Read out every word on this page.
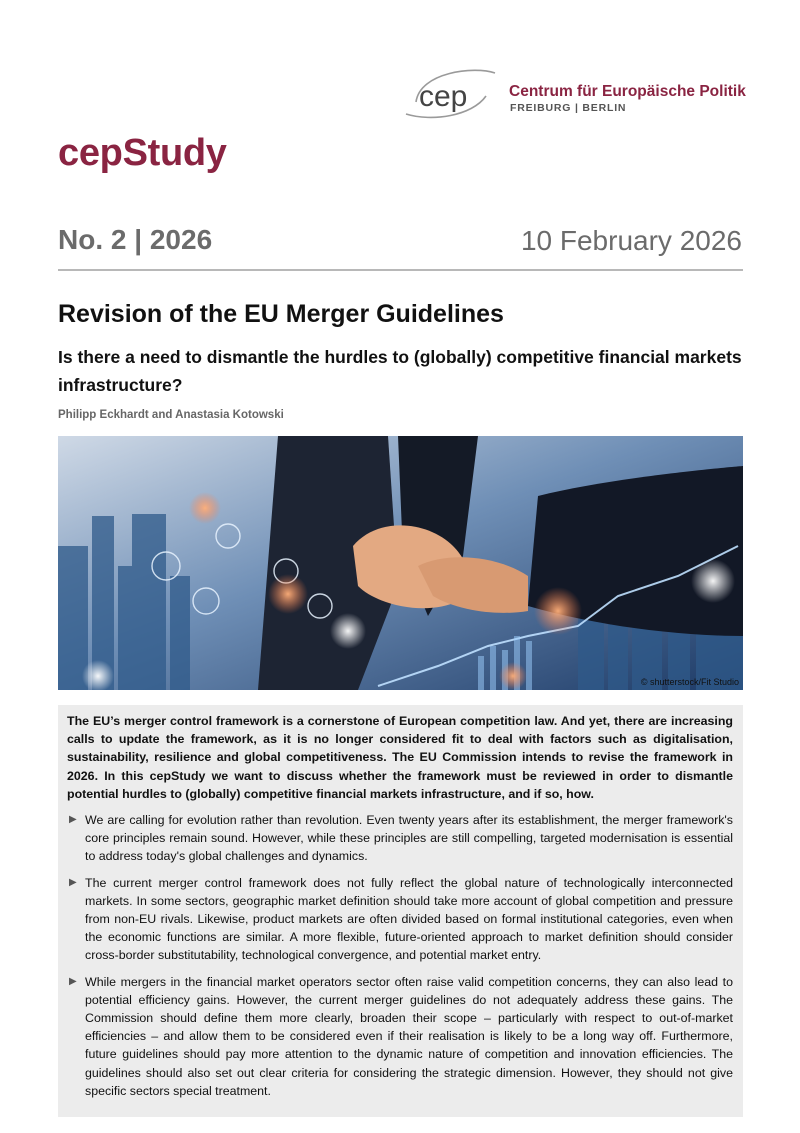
cep	Centrum für Europäische Politik
FREIBURG | BERLIN
cepStudy
No. 2 | 2026	10 February 2026
Revision of the EU Merger Guidelines
Is there a need to dismantle the hurdles to (globally) competitive financial markets infrastructure?
Philipp Eckhardt and Anastasia Kotowski
© shutterstock/Fit Studio

The EU’s merger control framework is a cornerstone of European competition law. And yet, there are increasing calls to update the framework, as it is no longer considered fit to deal with factors such as digitalisation, sustainability, resilience and global competitiveness. The EU Commission intends to revise the framework in 2026. In this cepStudy we want to discuss whether the framework must be reviewed in order to dismantle potential hurdles to (globally) competitive financial markets infrastructure, and if so, how.

▶ We are calling for evolution rather than revolution. Even twenty years after its establishment, the merger framework's core principles remain sound. However, while these principles are still compelling, targeted modernisation is essential to address today's global challenges and dynamics.
▶ The current merger control framework does not fully reflect the global nature of technologically interconnected markets. In some sectors, geographic market definition should take more account of global competition and pressure from non-EU rivals. Likewise, product markets are often divided based on formal institutional categories, even when the economic functions are similar. A more flexible, future-oriented approach to market definition should consider cross-border substitutability, technological convergence, and potential market entry.
▶ While mergers in the financial market operators sector often raise valid competition concerns, they can also lead to potential efficiency gains. However, the current merger guidelines do not adequately address these gains. The Commission should define them more clearly, broaden their scope – particularly with respect to out-of-market efficiencies – and allow them to be considered even if their realisation is likely to be a long way off. Furthermore, future guidelines should pay more attention to the dynamic nature of competition and innovation efficiencies. The guidelines should also set out clear criteria for considering the strategic dimension. However, they should not give specific sectors special treatment.
